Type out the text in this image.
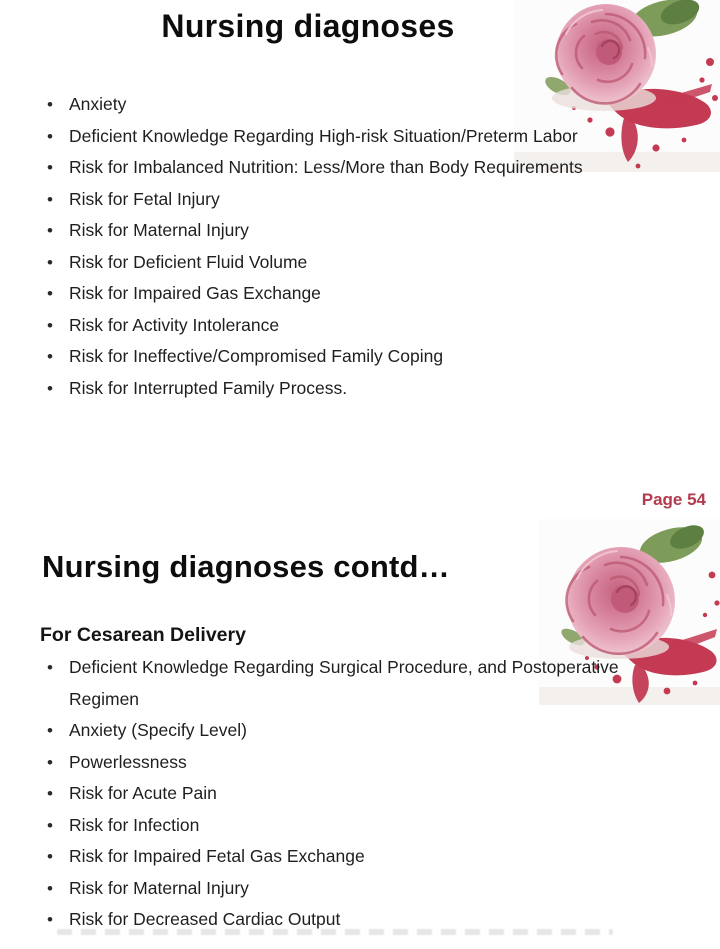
Nursing diagnoses
• Anxiety
• Deficient Knowledge Regarding High-risk Situation/Preterm Labor
• Risk for Imbalanced Nutrition: Less/More than Body Requirements
• Risk for Fetal Injury
• Risk for Maternal Injury
• Risk for Deficient Fluid Volume
• Risk for Impaired Gas Exchange
• Risk for Activity Intolerance
• Risk for Ineffective/Compromised Family Coping
• Risk for Interrupted Family Process.

Page 54

Nursing diagnoses contd…
For Cesarean Delivery
• Deficient Knowledge Regarding Surgical Procedure, and Postoperative Regimen
• Anxiety (Specify Level)
• Powerlessness
• Risk for Acute Pain
• Risk for Infection
• Risk for Impaired Fetal Gas Exchange
• Risk for Maternal Injury
• Risk for Decreased Cardiac Output
